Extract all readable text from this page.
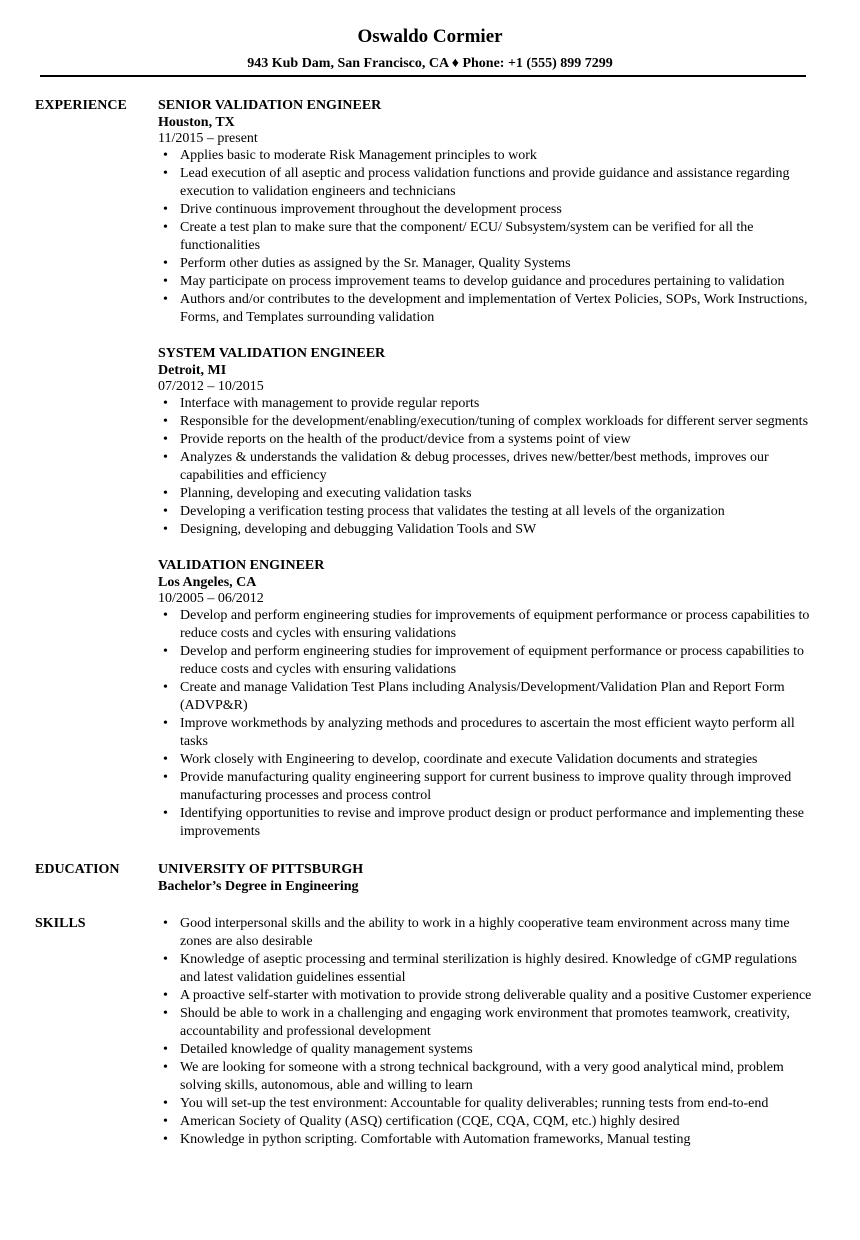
Oswaldo Cormier
943 Kub Dam, San Francisco, CA ♦ Phone: +1 (555) 899 7299
EXPERIENCE SENIOR VALIDATION ENGINEER
Houston, TX
11/2015 – present
• Applies basic to moderate Risk Management principles to work
• Lead execution of all aseptic and process validation functions and provide guidance and assistance regarding execution to validation engineers and technicians
• Drive continuous improvement throughout the development process
• Create a test plan to make sure that the component/ ECU/ Subsystem/system can be verified for all the functionalities
• Perform other duties as assigned by the Sr. Manager, Quality Systems
• May participate on process improvement teams to develop guidance and procedures pertaining to validation
• Authors and/or contributes to the development and implementation of Vertex Policies, SOPs, Work Instructions, Forms, and Templates surrounding validation
SYSTEM VALIDATION ENGINEER
Detroit, MI
07/2012 – 10/2015
• Interface with management to provide regular reports
• Responsible for the development/enabling/execution/tuning of complex workloads for different server segments
• Provide reports on the health of the product/device from a systems point of view
• Analyzes & understands the validation & debug processes, drives new/better/best methods, improves our capabilities and efficiency
• Planning, developing and executing validation tasks
• Developing a verification testing process that validates the testing at all levels of the organization
• Designing, developing and debugging Validation Tools and SW
VALIDATION ENGINEER
Los Angeles, CA
10/2005 – 06/2012
• Develop and perform engineering studies for improvements of equipment performance or process capabilities to reduce costs and cycles with ensuring validations
• Develop and perform engineering studies for improvement of equipment performance or process capabilities to reduce costs and cycles with ensuring validations
• Create and manage Validation Test Plans including Analysis/Development/Validation Plan and Report Form (ADVP&R)
• Improve workmethods by analyzing methods and procedures to ascertain the most efficient wayto perform all tasks
• Work closely with Engineering to develop, coordinate and execute Validation documents and strategies
• Provide manufacturing quality engineering support for current business to improve quality through improved manufacturing processes and process control
• Identifying opportunities to revise and improve product design or product performance and implementing these improvements
EDUCATION	UNIVERSITY OF PITTSBURGH
Bachelor’s Degree in Engineering
SKILLS	• Good interpersonal skills and the ability to work in a highly cooperative team environment across many time zones are also desirable
• Knowledge of aseptic processing and terminal sterilization is highly desired. Knowledge of cGMP regulations and latest validation guidelines essential
• A proactive self-starter with motivation to provide strong deliverable quality and a positive Customer experience
• Should be able to work in a challenging and engaging work environment that promotes teamwork, creativity, accountability and professional development
• Detailed knowledge of quality management systems
• We are looking for someone with a strong technical background, with a very good analytical mind, problem solving skills, autonomous, able and willing to learn
• You will set-up the test environment: Accountable for quality deliverables; running tests from end-to-end
• American Society of Quality (ASQ) certification (CQE, CQA, CQM, etc.) highly desired
• Knowledge in python scripting. Comfortable with Automation frameworks, Manual testing
